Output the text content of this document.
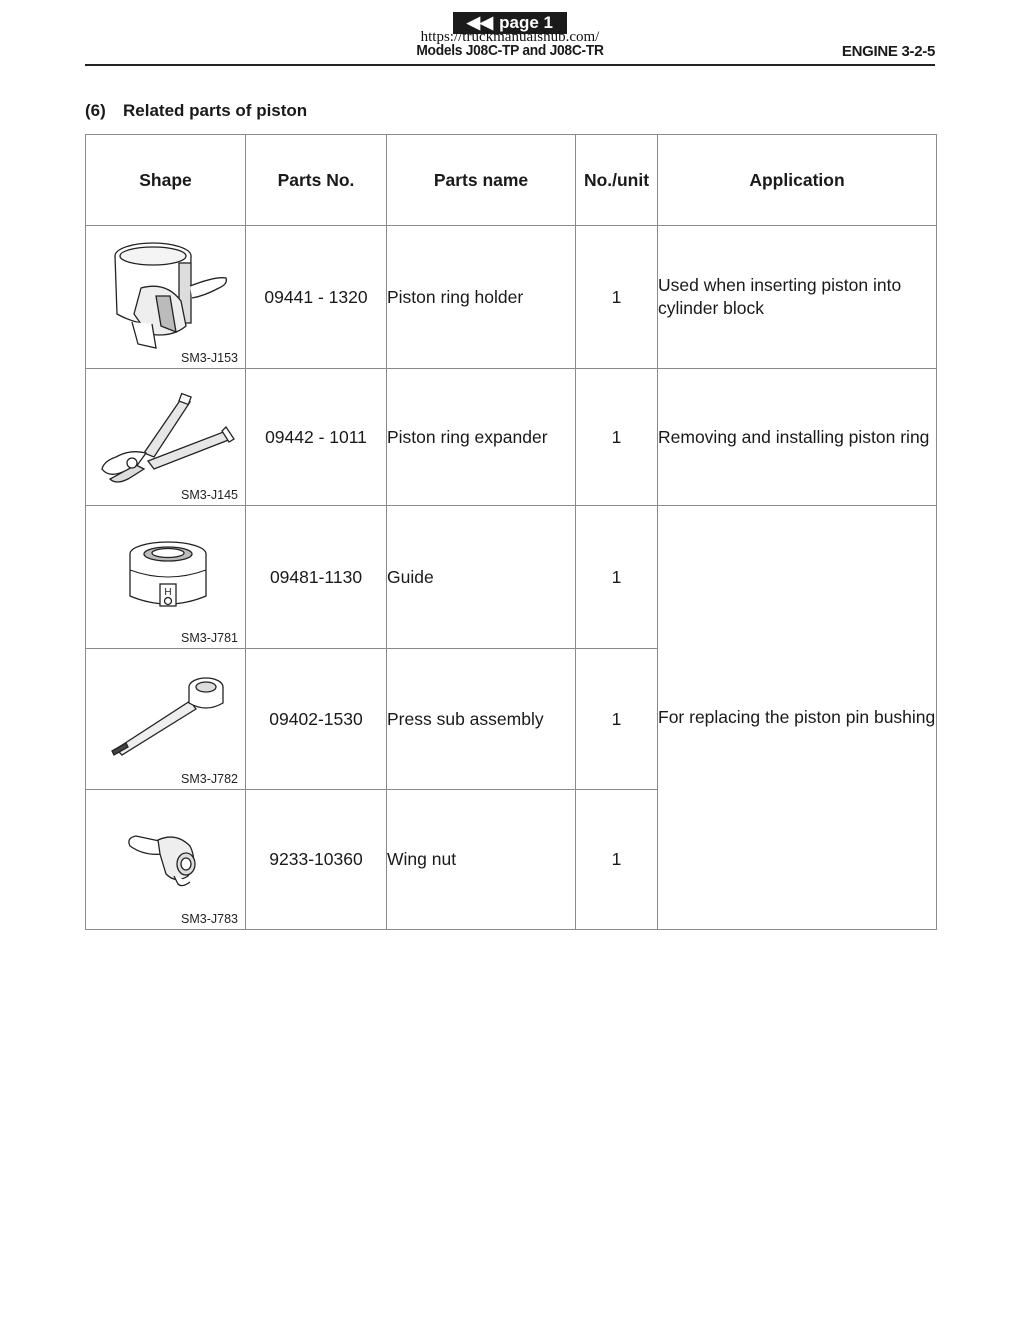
◀◀ page 1
https://truckmanualshub.com/
Models J08C-TP and J08C-TR	ENGINE 3-2-5
(6) Related parts of piston
Shape	Parts No.	Parts name	No./unit	Application

SM3-J153	09441 - 1320	Piston ring holder	1	Used when inserting piston into cylinder block

SM3-J145	09442 - 1011	Piston ring expander	1	Removing and installing piston ring

H
SM3-J781	09481-1130	Guide	1	For replacing the piston pin bushing

SM3-J782	09402-1530	Press sub assembly	1	

SM3-J783	9233-10360	Wing nut	1	
